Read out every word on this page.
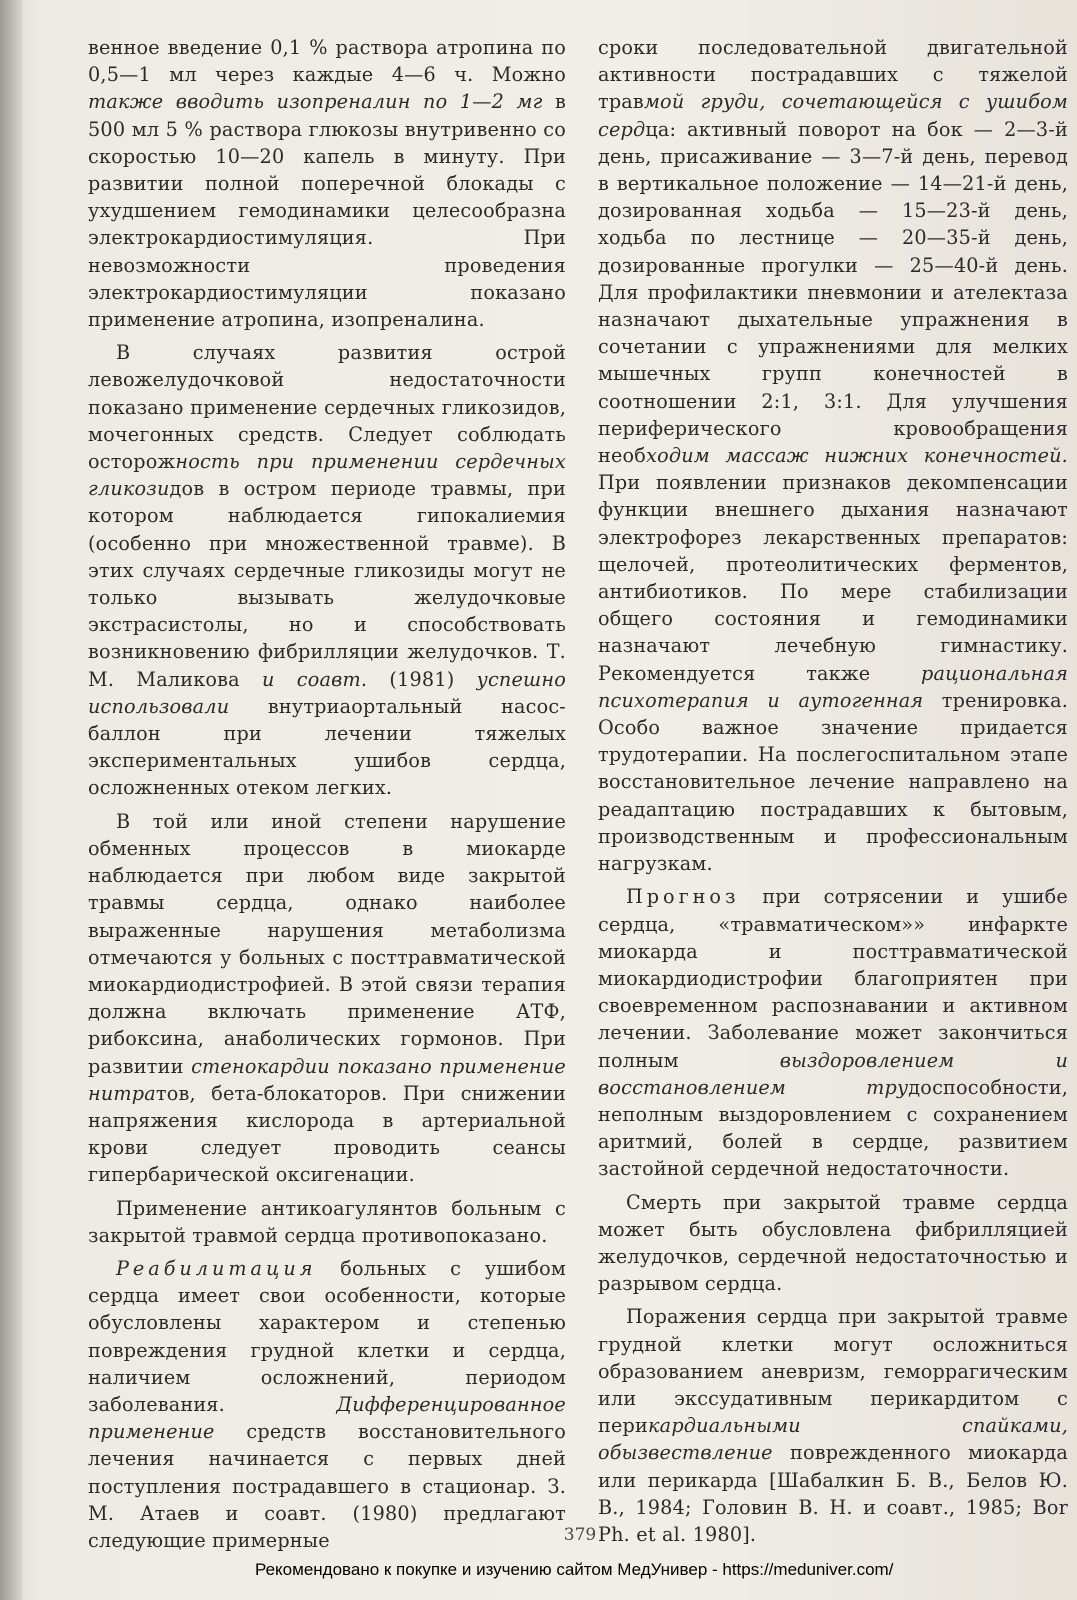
венное введение 0,1 % раствора атропина по 0,5—1 мл через каждые 4—6 ч. Можно также вводить изопреналин по 1—2 мг в 500 мл 5 % раствора глюкозы внутривенно со скоростью 10—20 капель в минуту. При развитии полной поперечной блокады с ухудшением гемодинамики целесообразна электрокардиостимуляция. При невозможности проведения электрокардиостимуляции показано применение атропина, изопреналина.

В случаях развития острой левожелудочковой недостаточности показано применение сердечных гликозидов, мочегонных средств. Следует соблюдать осторожность при применении сердечных гликозидов в остром периоде травмы, при котором наблюдается гипокалиемия (особенно при множественной травме). В этих случаях сердечные гликозиды могут не только вызывать желудочковые экстрасистолы, но и способствовать возникновению фибрилляции желудочков. Т. М. Маликова и соавт. (1981) успешно использовали внутриаортальный насос-баллон при лечении тяжелых экспериментальных ушибов сердца, осложненных отеком легких.

В той или иной степени нарушение обменных процессов в миокарде наблюдается при любом виде закрытой травмы сердца, однако наиболее выраженные нарушения метаболизма отмечаются у больных с посттравматической миокардиодистрофией. В этой связи терапия должна включать применение АТФ, рибоксина, анаболических гормонов. При развитии стенокардии показано применение нитратов, бета-блокаторов. При снижении напряжения кислорода в артериальной крови следует проводить сеансы гипербарической оксигенации.

Применение антикоагулянтов больным с закрытой травмой сердца противопоказано.

Реабилитация больных с ушибом сердца имеет свои особенности, которые обусловлены характером и степенью повреждения грудной клетки и сердца, наличием осложнений, периодом заболевания. Дифференцированное применение средств восстановительного лечения начинается с первых дней поступления пострадавшего в стационар. З. М. Атаев и соавт. (1980) предлагают следующие примерные

сроки последовательной двигательной активности пострадавших с тяжелой травмой груди, сочетающейся с ушибом сердца: активный поворот на бок — 2—3-й день, присаживание — 3—7-й день, перевод в вертикальное положение — 14—21-й день, дозированная ходьба — 15—23-й день, ходьба по лестнице — 20—35-й день, дозированные прогулки — 25—40-й день. Для профилактики пневмонии и ателектаза назначают дыхательные упражнения в сочетании с упражнениями для мелких мышечных групп конечностей в соотношении 2:1, 3:1. Для улучшения периферического кровообращения необходим массаж нижних конечностей. При появлении признаков декомпенсации функции внешнего дыхания назначают электрофорез лекарственных препаратов: щелочей, протеолитических ферментов, антибиотиков. По мере стабилизации общего состояния и гемодинамики назначают лечебную гимнастику. Рекомендуется также рациональная психотерапия и аутогенная тренировка. Особо важное значение придается трудотерапии. На послегоспитальном этапе восстановительное лечение направлено на реадаптацию пострадавших к бытовым, производственным и профессиональным нагрузкам.

Прогноз при сотрясении и ушибе сердца, «травматическом»» инфаркте миокарда и посттравматической миокардиодистрофии благоприятен при своевременном распознавании и активном лечении. Заболевание может закончиться полным выздоровлением и восстановлением трудоспособности, неполным выздоровлением с сохранением аритмий, болей в сердце, развитием застойной сердечной недостаточности.

Смерть при закрытой травме сердца может быть обусловлена фибрилляцией желудочков, сердечной недостаточностью и разрывом сердца.

Поражения сердца при закрытой травме грудной клетки могут осложниться образованием аневризм, геморрагическим или экссудативным перикардитом с перикардиальными спайками, обызвествление поврежденного миокарда или перикарда [Шабалкин Б. В., Белов Ю. В., 1984; Головин В. Н. и соавт., 1985; Bor Ph. et al. 1980].

379
Рекомендовано к покупке и изучению сайтом МедУнивер - https://meduniver.com/
